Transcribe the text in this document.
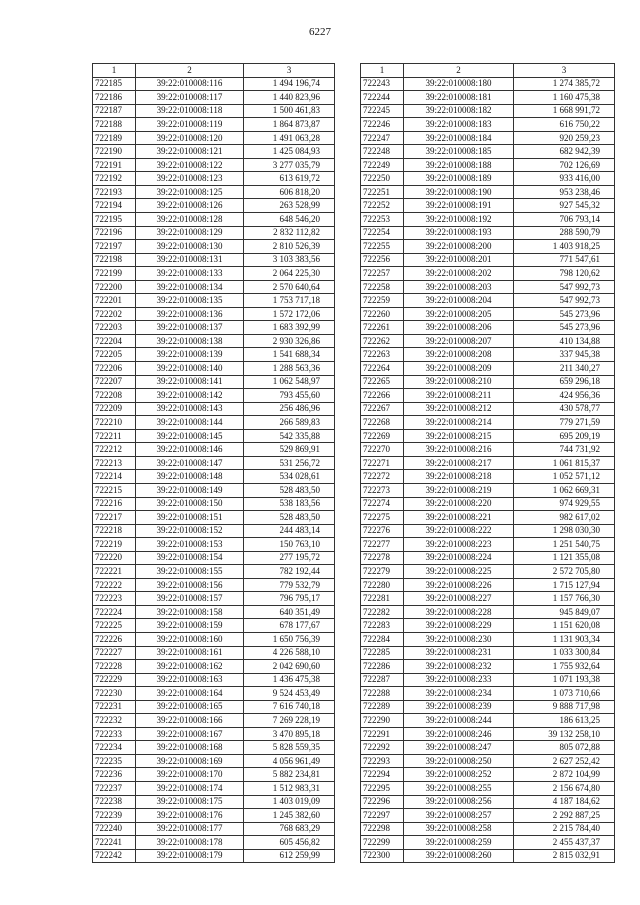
6227
1	2	3
722185	39:22:010008:116	1 494 196,74
722186	39:22:010008:117	1 440 823,96
722187	39:22:010008:118	1 500 461,83
722188	39:22:010008:119	1 864 873,87
722189	39:22:010008:120	1 491 063,28
722190	39:22:010008:121	1 425 084,93
722191	39:22:010008:122	3 277 035,79
722192	39:22:010008:123	613 619,72
722193	39:22:010008:125	606 818,20
722194	39:22:010008:126	263 528,99
722195	39:22:010008:128	648 546,20
722196	39:22:010008:129	2 832 112,82
722197	39:22:010008:130	2 810 526,39
722198	39:22:010008:131	3 103 383,56
722199	39:22:010008:133	2 064 225,30
722200	39:22:010008:134	2 570 640,64
722201	39:22:010008:135	1 753 717,18
722202	39:22:010008:136	1 572 172,06
722203	39:22:010008:137	1 683 392,99
722204	39:22:010008:138	2 930 326,86
722205	39:22:010008:139	1 541 688,34
722206	39:22:010008:140	1 288 563,36
722207	39:22:010008:141	1 062 548,97
722208	39:22:010008:142	793 455,60
722209	39:22:010008:143	256 486,96
722210	39:22:010008:144	266 589,83
722211	39:22:010008:145	542 335,88
722212	39:22:010008:146	529 869,91
722213	39:22:010008:147	531 256,72
722214	39:22:010008:148	534 028,61
722215	39:22:010008:149	528 483,50
722216	39:22:010008:150	538 183,56
722217	39:22:010008:151	528 483,50
722218	39:22:010008:152	244 483,14
722219	39:22:010008:153	150 763,10
722220	39:22:010008:154	277 195,72
722221	39:22:010008:155	782 192,44
722222	39:22:010008:156	779 532,79
722223	39:22:010008:157	796 795,17
722224	39:22:010008:158	640 351,49
722225	39:22:010008:159	678 177,67
722226	39:22:010008:160	1 650 756,39
722227	39:22:010008:161	4 226 588,10
722228	39:22:010008:162	2 042 690,60
722229	39:22:010008:163	1 436 475,38
722230	39:22:010008:164	9 524 453,49
722231	39:22:010008:165	7 616 740,18
722232	39:22:010008:166	7 269 228,19
722233	39:22:010008:167	3 470 895,18
722234	39:22:010008:168	5 828 559,35
722235	39:22:010008:169	4 056 961,49
722236	39:22:010008:170	5 882 234,81
722237	39:22:010008:174	1 512 983,31
722238	39:22:010008:175	1 403 019,09
722239	39:22:010008:176	1 245 382,60
722240	39:22:010008:177	768 683,29
722241	39:22:010008:178	605 456,82
722242	39:22:010008:179	612 259,99
1	2	3
722243	39:22:010008:180	1 274 385,72
722244	39:22:010008:181	1 160 475,38
722245	39:22:010008:182	1 668 991,72
722246	39:22:010008:183	616 750,22
722247	39:22:010008:184	920 259,23
722248	39:22:010008:185	682 942,39
722249	39:22:010008:188	702 126,69
722250	39:22:010008:189	933 416,00
722251	39:22:010008:190	953 238,46
722252	39:22:010008:191	927 545,32
722253	39:22:010008:192	706 793,14
722254	39:22:010008:193	288 590,79
722255	39:22:010008:200	1 403 918,25
722256	39:22:010008:201	771 547,61
722257	39:22:010008:202	798 120,62
722258	39:22:010008:203	547 992,73
722259	39:22:010008:204	547 992,73
722260	39:22:010008:205	545 273,96
722261	39:22:010008:206	545 273,96
722262	39:22:010008:207	410 134,88
722263	39:22:010008:208	337 945,38
722264	39:22:010008:209	211 340,27
722265	39:22:010008:210	659 296,18
722266	39:22:010008:211	424 956,36
722267	39:22:010008:212	430 578,77
722268	39:22:010008:214	779 271,59
722269	39:22:010008:215	695 209,19
722270	39:22:010008:216	744 731,92
722271	39:22:010008:217	1 061 815,37
722272	39:22:010008:218	1 052 571,12
722273	39:22:010008:219	1 062 669,31
722274	39:22:010008:220	974 929,55
722275	39:22:010008:221	982 617,02
722276	39:22:010008:222	1 298 030,30
722277	39:22:010008:223	1 251 540,75
722278	39:22:010008:224	1 121 355,08
722279	39:22:010008:225	2 572 705,80
722280	39:22:010008:226	1 715 127,94
722281	39:22:010008:227	1 157 766,30
722282	39:22:010008:228	945 849,07
722283	39:22:010008:229	1 151 620,08
722284	39:22:010008:230	1 131 903,34
722285	39:22:010008:231	1 033 300,84
722286	39:22:010008:232	1 755 932,64
722287	39:22:010008:233	1 071 193,38
722288	39:22:010008:234	1 073 710,66
722289	39:22:010008:239	9 888 717,98
722290	39:22:010008:244	186 613,25
722291	39:22:010008:246	39 132 258,10
722292	39:22:010008:247	805 072,88
722293	39:22:010008:250	2 627 252,42
722294	39:22:010008:252	2 872 104,99
722295	39:22:010008:255	2 156 674,80
722296	39:22:010008:256	4 187 184,62
722297	39:22:010008:257	2 292 887,25
722298	39:22:010008:258	2 215 784,40
722299	39:22:010008:259	2 455 437,37
722300	39:22:010008:260	2 815 032,91
